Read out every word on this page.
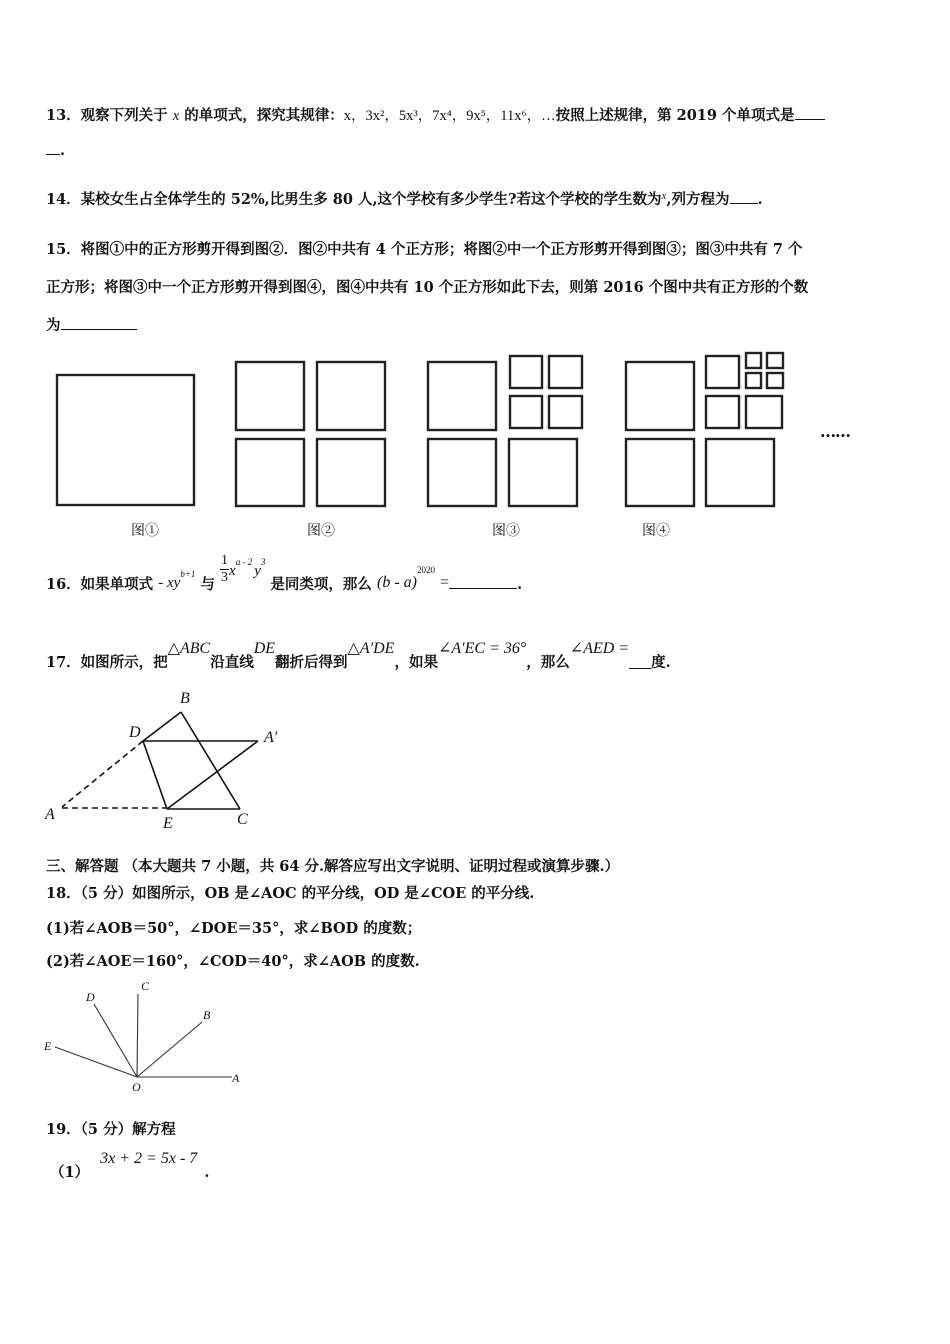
13．观察下列关于 x 的单项式，探究其规律：x，3x²，5x³，7x⁴，9x⁵，11x⁶，…按照上述规律，第 2019 个单项式是
.
14．某校女生占全体学生的 52%,比男生多 80 人,这个学校有多少学生?若这个学校的学生数为$^x$,列方程为 .
15．将图①中的正方形剪开得到图②．图②中共有 4 个正方形；将图②中一个正方形剪开得到图③；图③中共有 7 个
正方形；将图③中一个正方形剪开得到图④，图④中共有 10 个正方形如此下去，则第 2016 个图中共有正方形的个数
为
……
图①	图②	图③	图④
16．如果单项式 - $xy^{b+1}$ 与 $\frac{1}{3}$ xa - 2y3 是同类项，那么 (b - a)$^{2020}$ =	.
17．如图所示，把△ABC沿直线DE翻折后得到△A′DE，如果∠A′EC = 36°，那么∠AED =度.
B
D	A′
A
E	C
三、解答题 （本大题共 7 小题，共 64 分.解答应写出文字说明、证明过程或演算步骤.）
18．（5 分）如图所示，OB 是∠AOC 的平分线，OD 是∠COE 的平分线.
(1)若∠AOB＝50°，∠DOE＝35°，求∠BOD 的度数；
(2)若∠AOE＝160°，∠COD＝40°，求∠AOB 的度数.
A
B
C
D
E
O
19．（5 分）解方程
（1） 3x + 2 = 5x - 7 .
